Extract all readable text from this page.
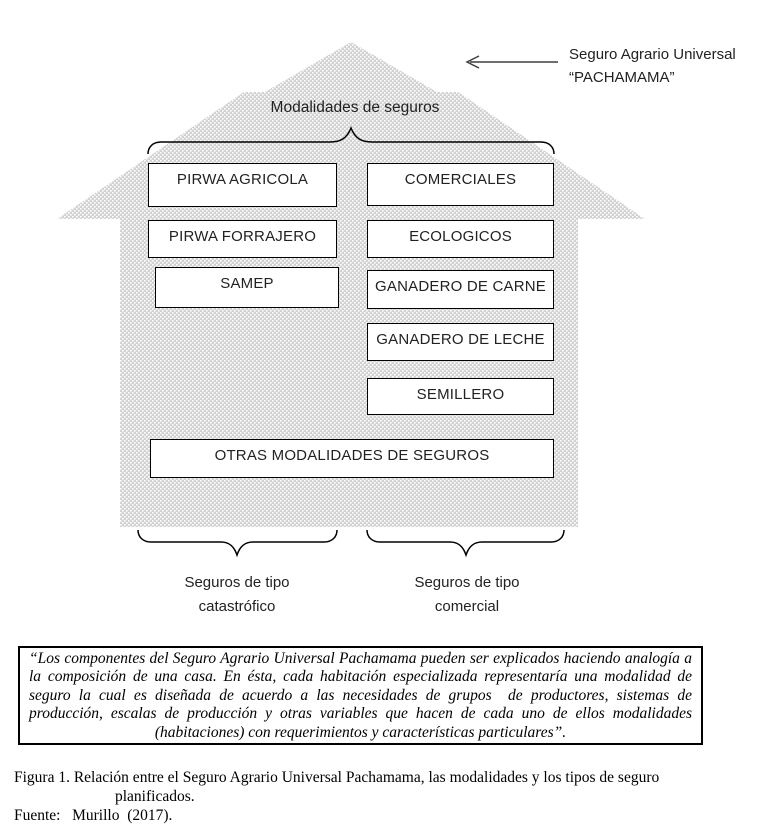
Seguro Agrario Universal
“PACHAMAMA”
Modalidades de seguros
PIRWA AGRICOLA
PIRWA FORRAJERO
SAMEP
COMERCIALES
ECOLOGICOS
GANADERO DE CARNE
GANADERO DE LECHE
SEMILLERO
OTRAS MODALIDADES DE SEGUROS
Seguros de tipo
catastrófico
Seguros de tipo
comercial
“Los componentes del Seguro Agrario Universal Pachamama pueden ser explicados haciendo analogía a la composición de una casa. En ésta, cada habitación especializada representaría una modalidad de seguro la cual es diseñada de acuerdo a las necesidades de grupos  de productores, sistemas de producción, escalas de producción y otras variables que hacen de cada uno de ellos modalidades (habitaciones) con requerimientos y características particulares”.
Figura 1. Relación entre el Seguro Agrario Universal Pachamama, las modalidades y los tipos de seguro
planificados.
Fuente:   Murillo  (2017).
